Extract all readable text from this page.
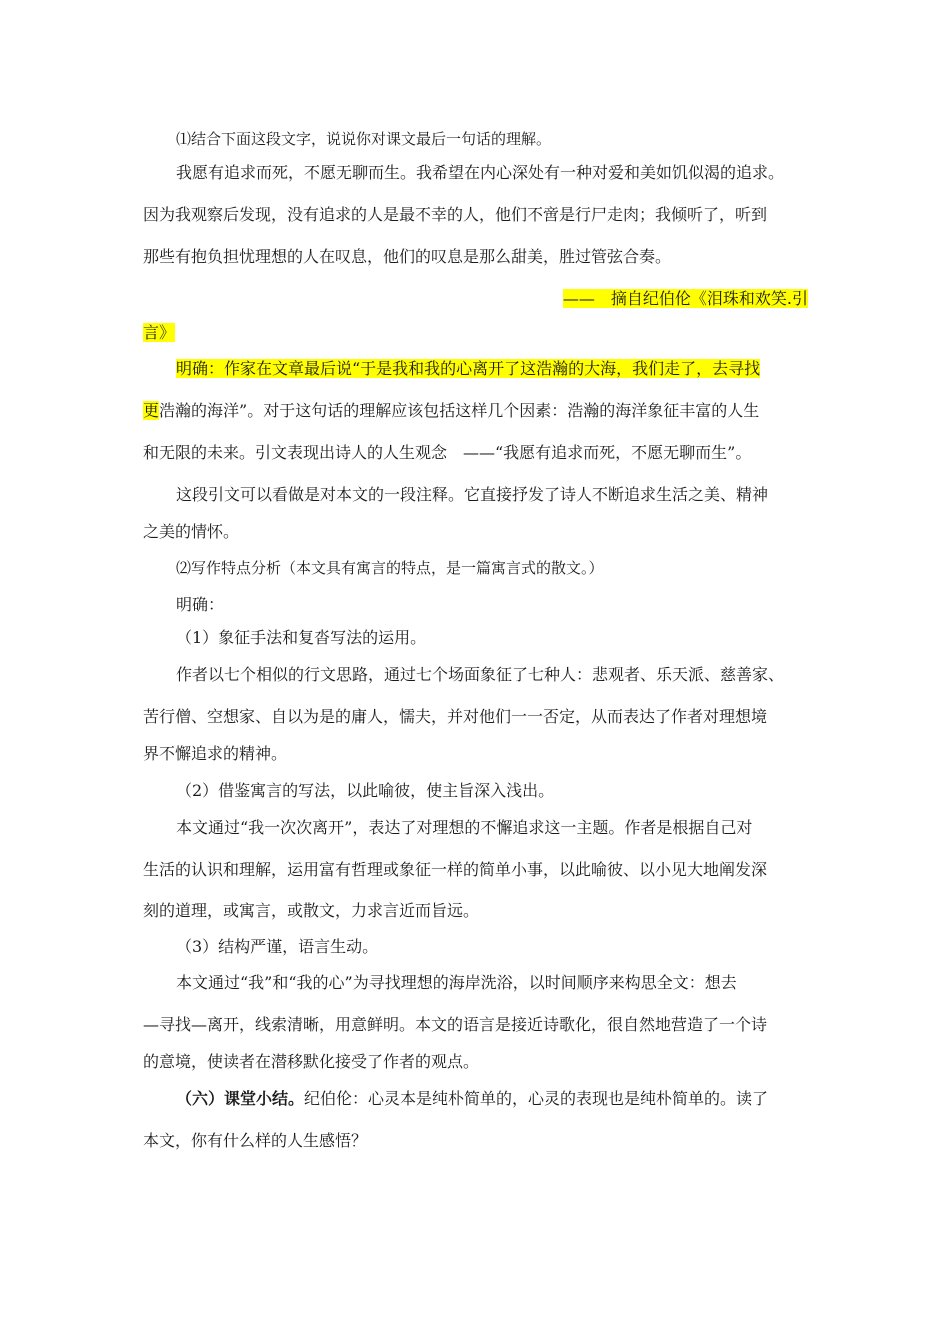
⑴结合下面这段文字，说说你对课文最后一句话的理解。
我愿有追求而死，不愿无聊而生。我希望在内心深处有一种对爱和美如饥似渴的追求。
因为我观察后发现，没有追求的人是最不幸的人，他们不啻是行尸走肉；我倾听了，听到
那些有抱负担忧理想的人在叹息，他们的叹息是那么甜美，胜过管弦合奏。
——　摘自纪伯伦《泪珠和欢笑.引
言》
明确：作家在文章最后说“于是我和我的心离开了这浩瀚的大海，我们走了，去寻找
更浩瀚的海洋”。对于这句话的理解应该包括这样几个因素：浩瀚的海洋象征丰富的人生
和无限的未来。引文表现出诗人的人生观念　——“我愿有追求而死，不愿无聊而生”。
这段引文可以看做是对本文的一段注释。它直接抒发了诗人不断追求生活之美、精神
之美的情怀。
⑵写作特点分析（本文具有寓言的特点，是一篇寓言式的散文。）
明确：
（1）象征手法和复沓写法的运用。
作者以七个相似的行文思路，通过七个场面象征了七种人：悲观者、乐天派、慈善家、
苦行僧、空想家、自以为是的庸人，懦夫，并对他们一一否定，从而表达了作者对理想境
界不懈追求的精神。
（2）借鉴寓言的写法，以此喻彼，使主旨深入浅出。
本文通过“我一次次离开”，表达了对理想的不懈追求这一主题。作者是根据自己对
生活的认识和理解，运用富有哲理或象征一样的简单小事，以此喻彼、以小见大地阐发深
刻的道理，或寓言，或散文，力求言近而旨远。
（3）结构严谨，语言生动。
本文通过“我”和“我的心”为寻找理想的海岸洗浴，以时间顺序来构思全文：想去
—寻找—离开，线索清晰，用意鲜明。本文的语言是接近诗歌化，很自然地营造了一个诗
的意境，使读者在潜移默化接受了作者的观点。
（六）课堂小结。纪伯伦：心灵本是纯朴简单的，心灵的表现也是纯朴简单的。读了
本文，你有什么样的人生感悟？
